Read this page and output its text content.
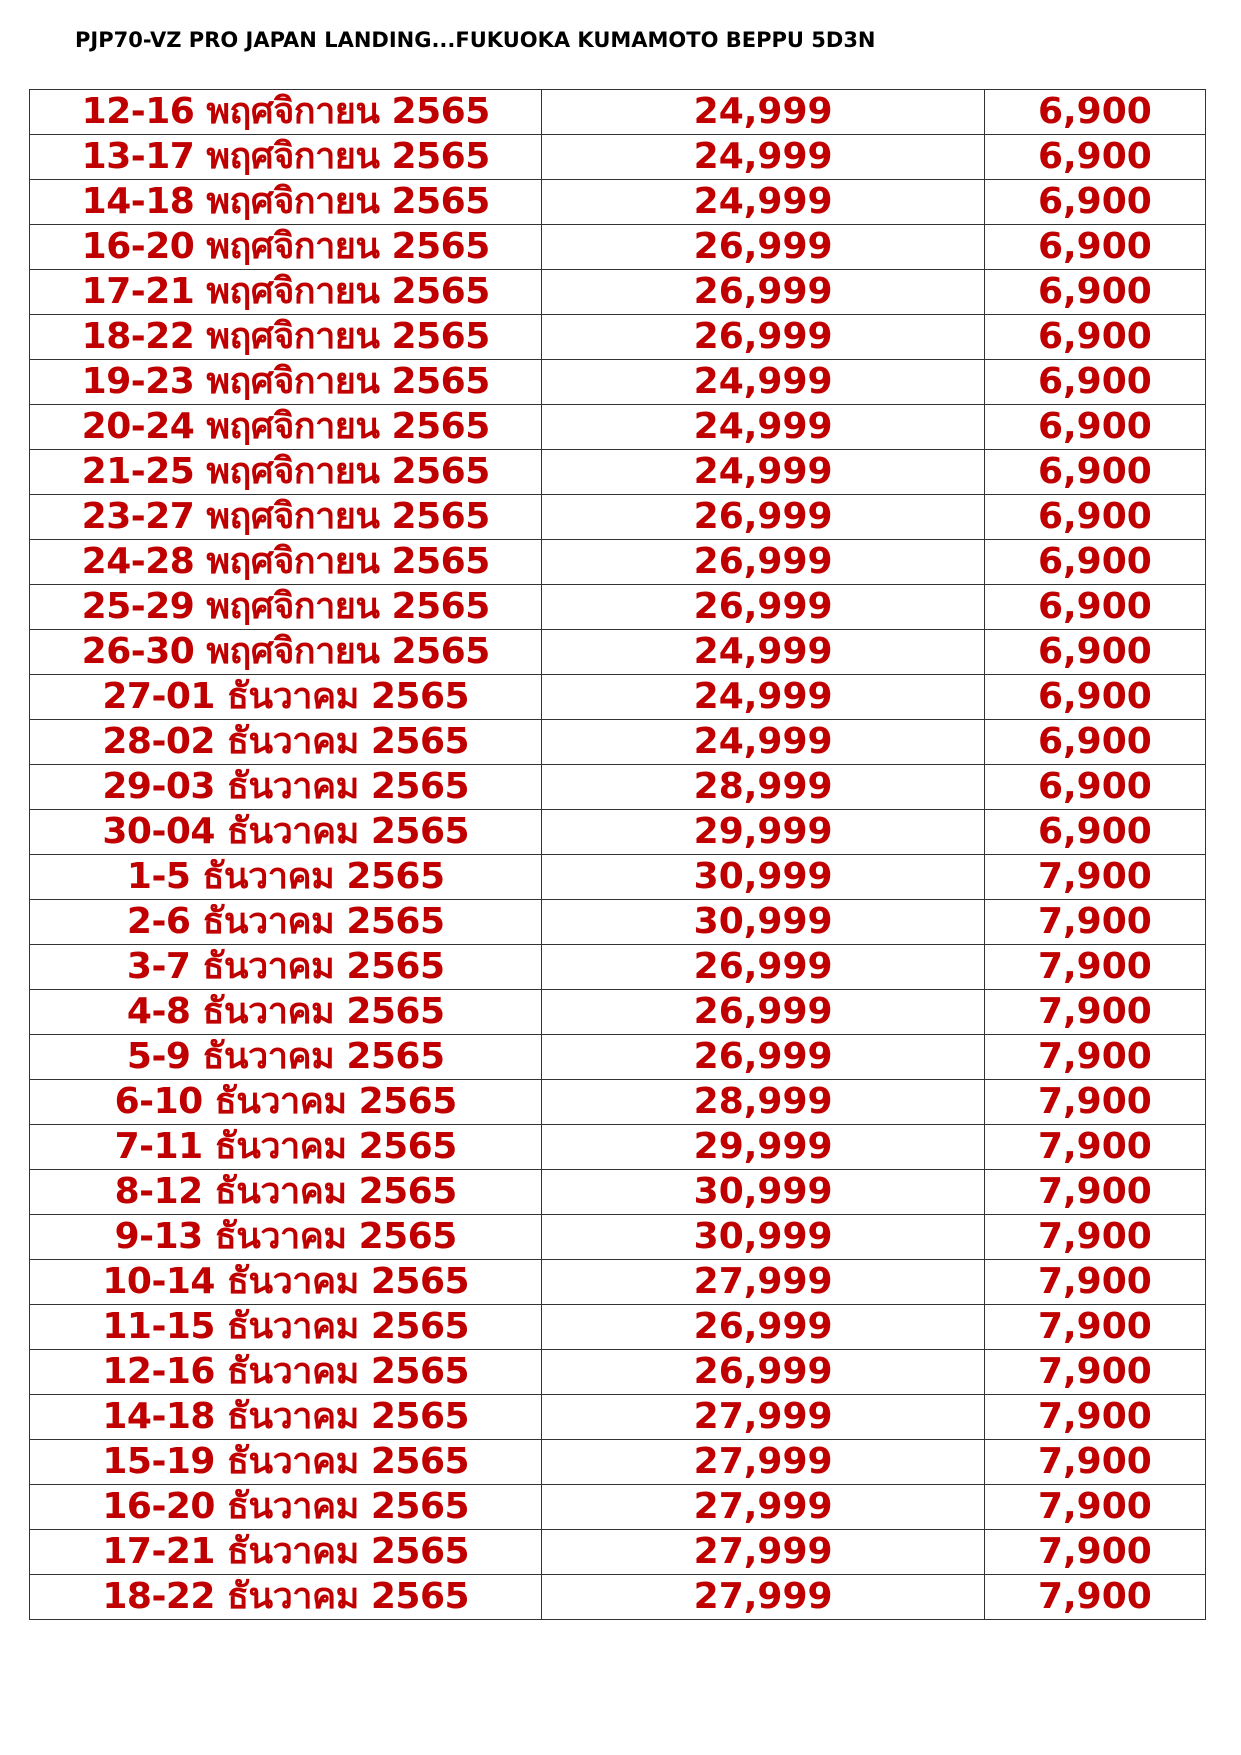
PJP70-VZ PRO JAPAN LANDING...FUKUOKA KUMAMOTO BEPPU 5D3N
12-16 พฤศจิกายน 2565	24,999	6,900
13-17 พฤศจิกายน 2565	24,999	6,900
14-18 พฤศจิกายน 2565	24,999	6,900
16-20 พฤศจิกายน 2565	26,999	6,900
17-21 พฤศจิกายน 2565	26,999	6,900
18-22 พฤศจิกายน 2565	26,999	6,900
19-23 พฤศจิกายน 2565	24,999	6,900
20-24 พฤศจิกายน 2565	24,999	6,900
21-25 พฤศจิกายน 2565	24,999	6,900
23-27 พฤศจิกายน 2565	26,999	6,900
24-28 พฤศจิกายน 2565	26,999	6,900
25-29 พฤศจิกายน 2565	26,999	6,900
26-30 พฤศจิกายน 2565	24,999	6,900
27-01 ธันวาคม 2565	24,999	6,900
28-02 ธันวาคม 2565	24,999	6,900
29-03 ธันวาคม 2565	28,999	6,900
30-04 ธันวาคม 2565	29,999	6,900
1-5 ธันวาคม 2565	30,999	7,900
2-6 ธันวาคม 2565	30,999	7,900
3-7 ธันวาคม 2565	26,999	7,900
4-8 ธันวาคม 2565	26,999	7,900
5-9 ธันวาคม 2565	26,999	7,900
6-10 ธันวาคม 2565	28,999	7,900
7-11 ธันวาคม 2565	29,999	7,900
8-12 ธันวาคม 2565	30,999	7,900
9-13 ธันวาคม 2565	30,999	7,900
10-14 ธันวาคม 2565	27,999	7,900
11-15 ธันวาคม 2565	26,999	7,900
12-16 ธันวาคม 2565	26,999	7,900
14-18 ธันวาคม 2565	27,999	7,900
15-19 ธันวาคม 2565	27,999	7,900
16-20 ธันวาคม 2565	27,999	7,900
17-21 ธันวาคม 2565	27,999	7,900
18-22 ธันวาคม 2565	27,999	7,900
